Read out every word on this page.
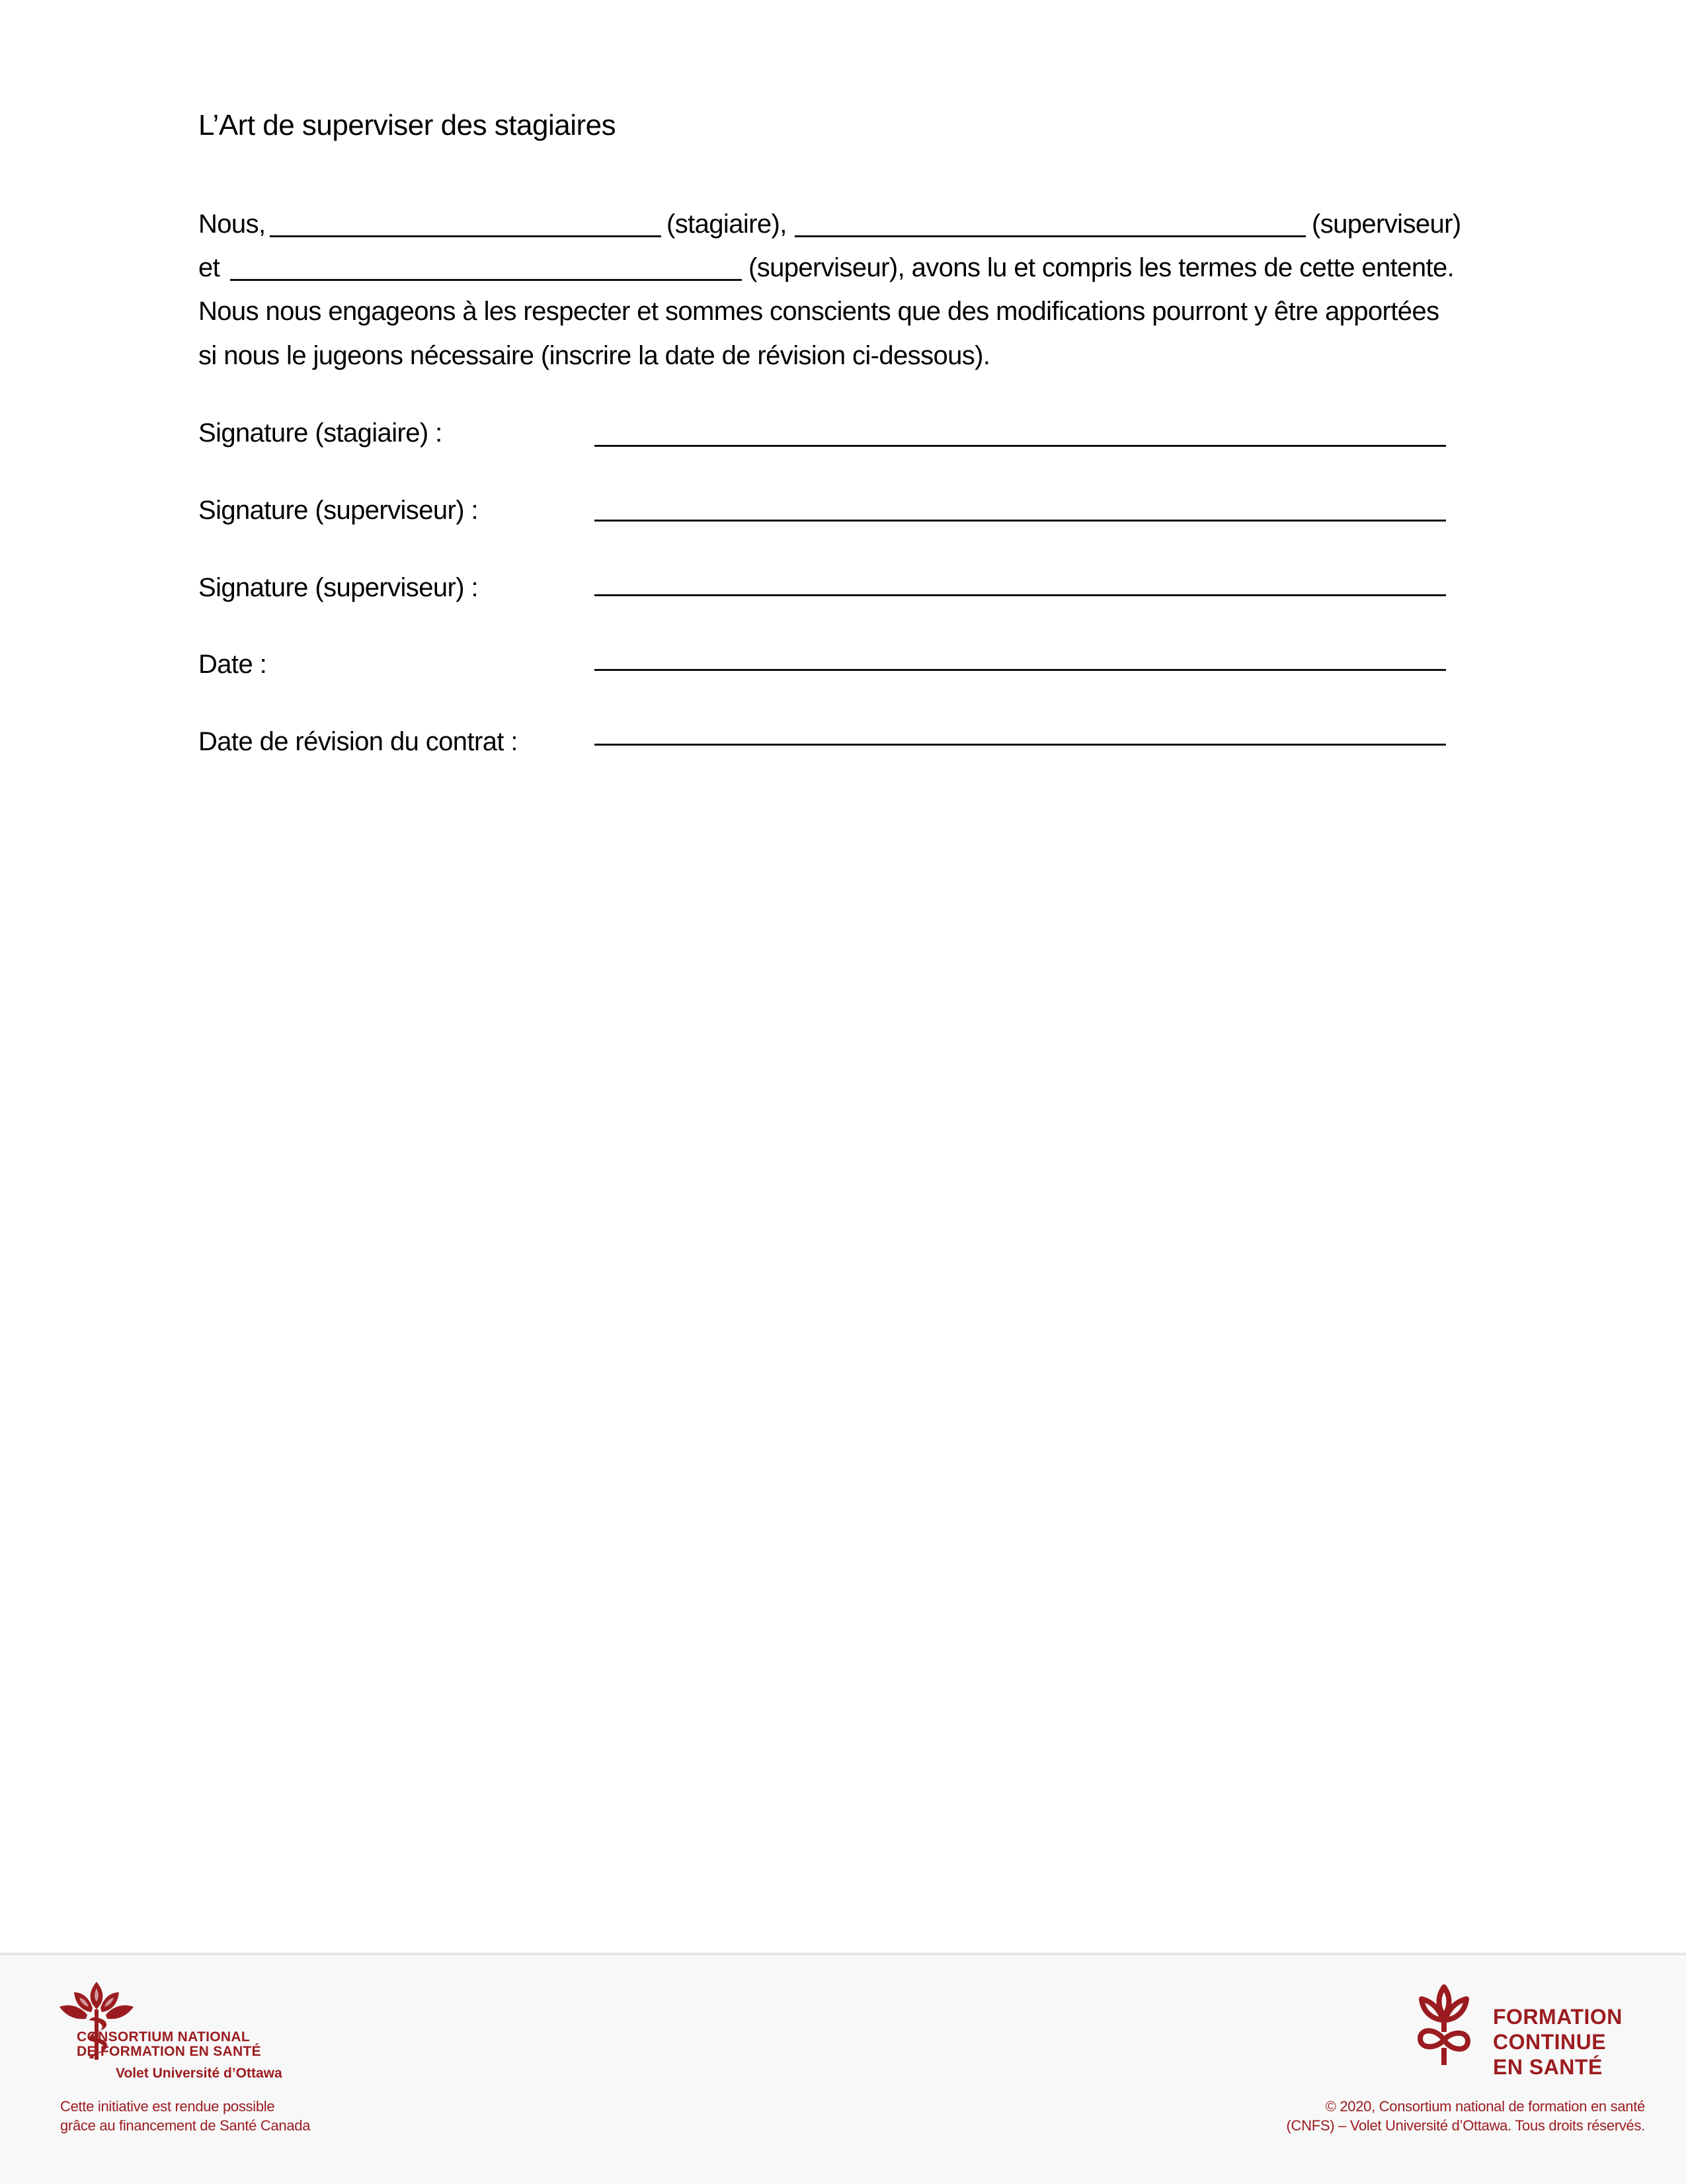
L’Art de superviser des stagiaires
Nous,	(stagiaire),	(superviseur)
et	(superviseur), avons lu et compris les termes de cette entente.
Nous nous engageons à les respecter et sommes conscients que des modifications pourront y être apportées
si nous le jugeons nécessaire (inscrire la date de révision ci-dessous).
Signature (stagiaire) :
Signature (superviseur) :
Signature (superviseur) :
Date :
Date de révision du contrat :
CONSORTIUM NATIONAL
DE FORMATION EN SANTÉ
Volet Université d’Ottawa
Cette initiative est rendue possible
grâce au financement de Santé Canada
FORMATION
CONTINUE
EN SANTÉ
© 2020, Consortium national de formation en santé
(CNFS) – Volet Université d’Ottawa. Tous droits réservés.
